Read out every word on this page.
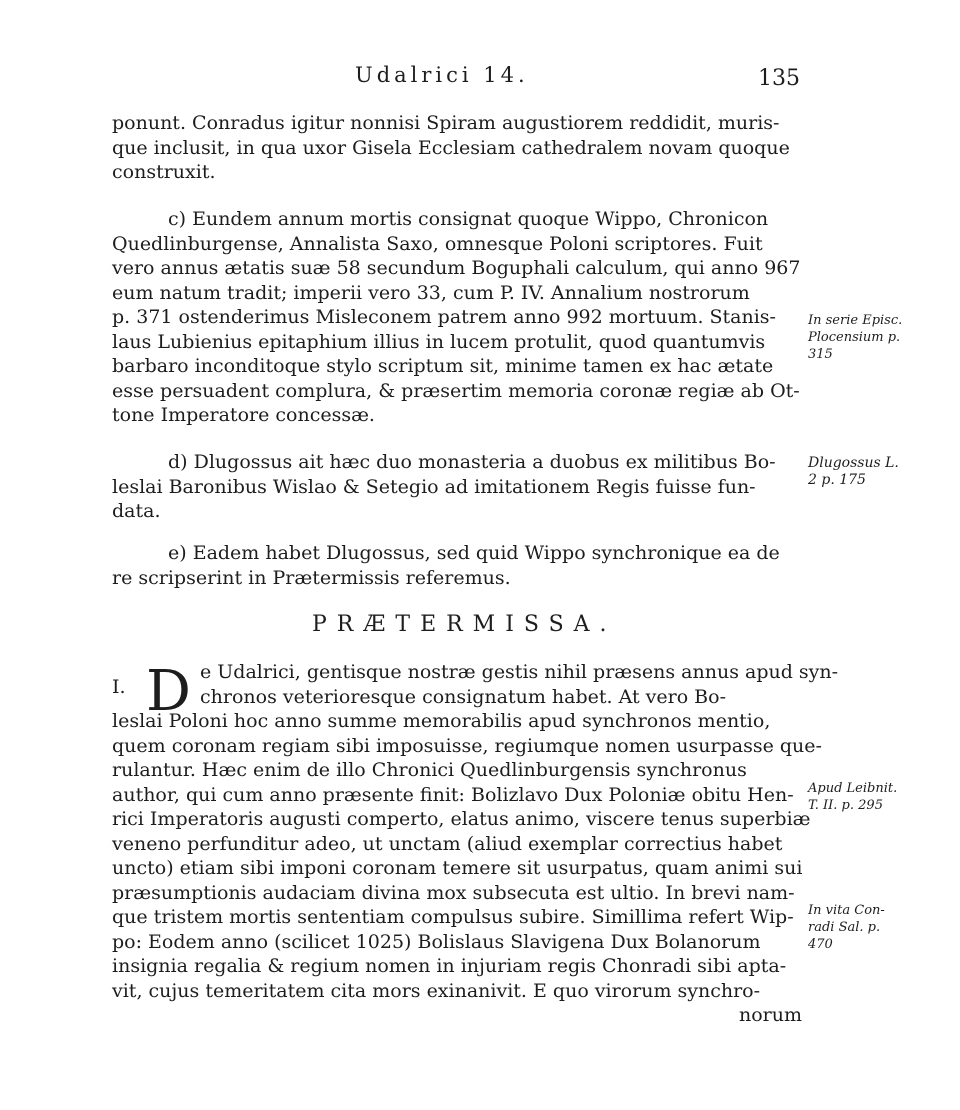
Udalrici 14.	135
ponunt. Conradus igitur nonnisi Spiram augustiorem reddidit, muris-
que inclusit, in qua uxor Gisela Ecclesiam cathedralem novam quoque
construxit.
c) Eundem annum mortis consignat quoque Wippo, Chronicon
Quedlinburgense, Annalista Saxo, omnesque Poloni scriptores. Fuit
vero annus ætatis suæ 58 secundum Boguphali calculum, qui anno 967
eum natum tradit; imperii vero 33, cum P. IV. Annalium nostrorum
p. 371 ostenderimus Misleconem patrem anno 992 mortuum. Stanis-
laus Lubienius epitaphium illius in lucem protulit, quod quantumvis
barbaro inconditoque stylo scriptum sit, minime tamen ex hac ætate
esse persuadent complura, & præsertim memoria coronæ regiæ ab Ot-
tone Imperatore concessæ.
d) Dlugossus ait hæc duo monasteria a duobus ex militibus Bo-
leslai Baronibus Wislao & Setegio ad imitationem Regis fuisse fun-
data.
e) Eadem habet Dlugossus, sed quid Wippo synchronique ea de
re scripserint in Prætermissis referemus.
PRÆTERMISSA.
I. D e Udalrici, gentisque nostræ gestis nihil præsens annus apud syn-
chronos veterioresque consignatum habet. At vero Bo-
leslai Poloni hoc anno summe memorabilis apud synchronos mentio,
quem coronam regiam sibi imposuisse, regiumque nomen usurpasse que-
rulantur. Hæc enim de illo Chronici Quedlinburgensis synchronus
author, qui cum anno præsente finit: Bolizlavo Dux Poloniæ obitu Hen-
rici Imperatoris augusti comperto, elatus animo, viscere tenus superbiæ
veneno perfunditur adeo, ut unctam (aliud exemplar correctius habet
uncto) etiam sibi imponi coronam temere sit usurpatus, quam animi sui
præsumptionis audaciam divina mox subsecuta est ultio. In brevi nam-
que tristem mortis sententiam compulsus subire. Simillima refert Wip-
po: Eodem anno (scilicet 1025) Bolislaus Slavigena Dux Bolanorum
insignia regalia & regium nomen in injuriam regis Chonradi sibi apta-
vit, cujus temeritatem cita mors exinanivit. E quo virorum synchro-
norum
In serie Episc.
Plocensium p.
315
Dlugossus L.
2 p. 175
Apud Leibnit.
T. II. p. 295
In vita Con-
radi Sal. p.
470
